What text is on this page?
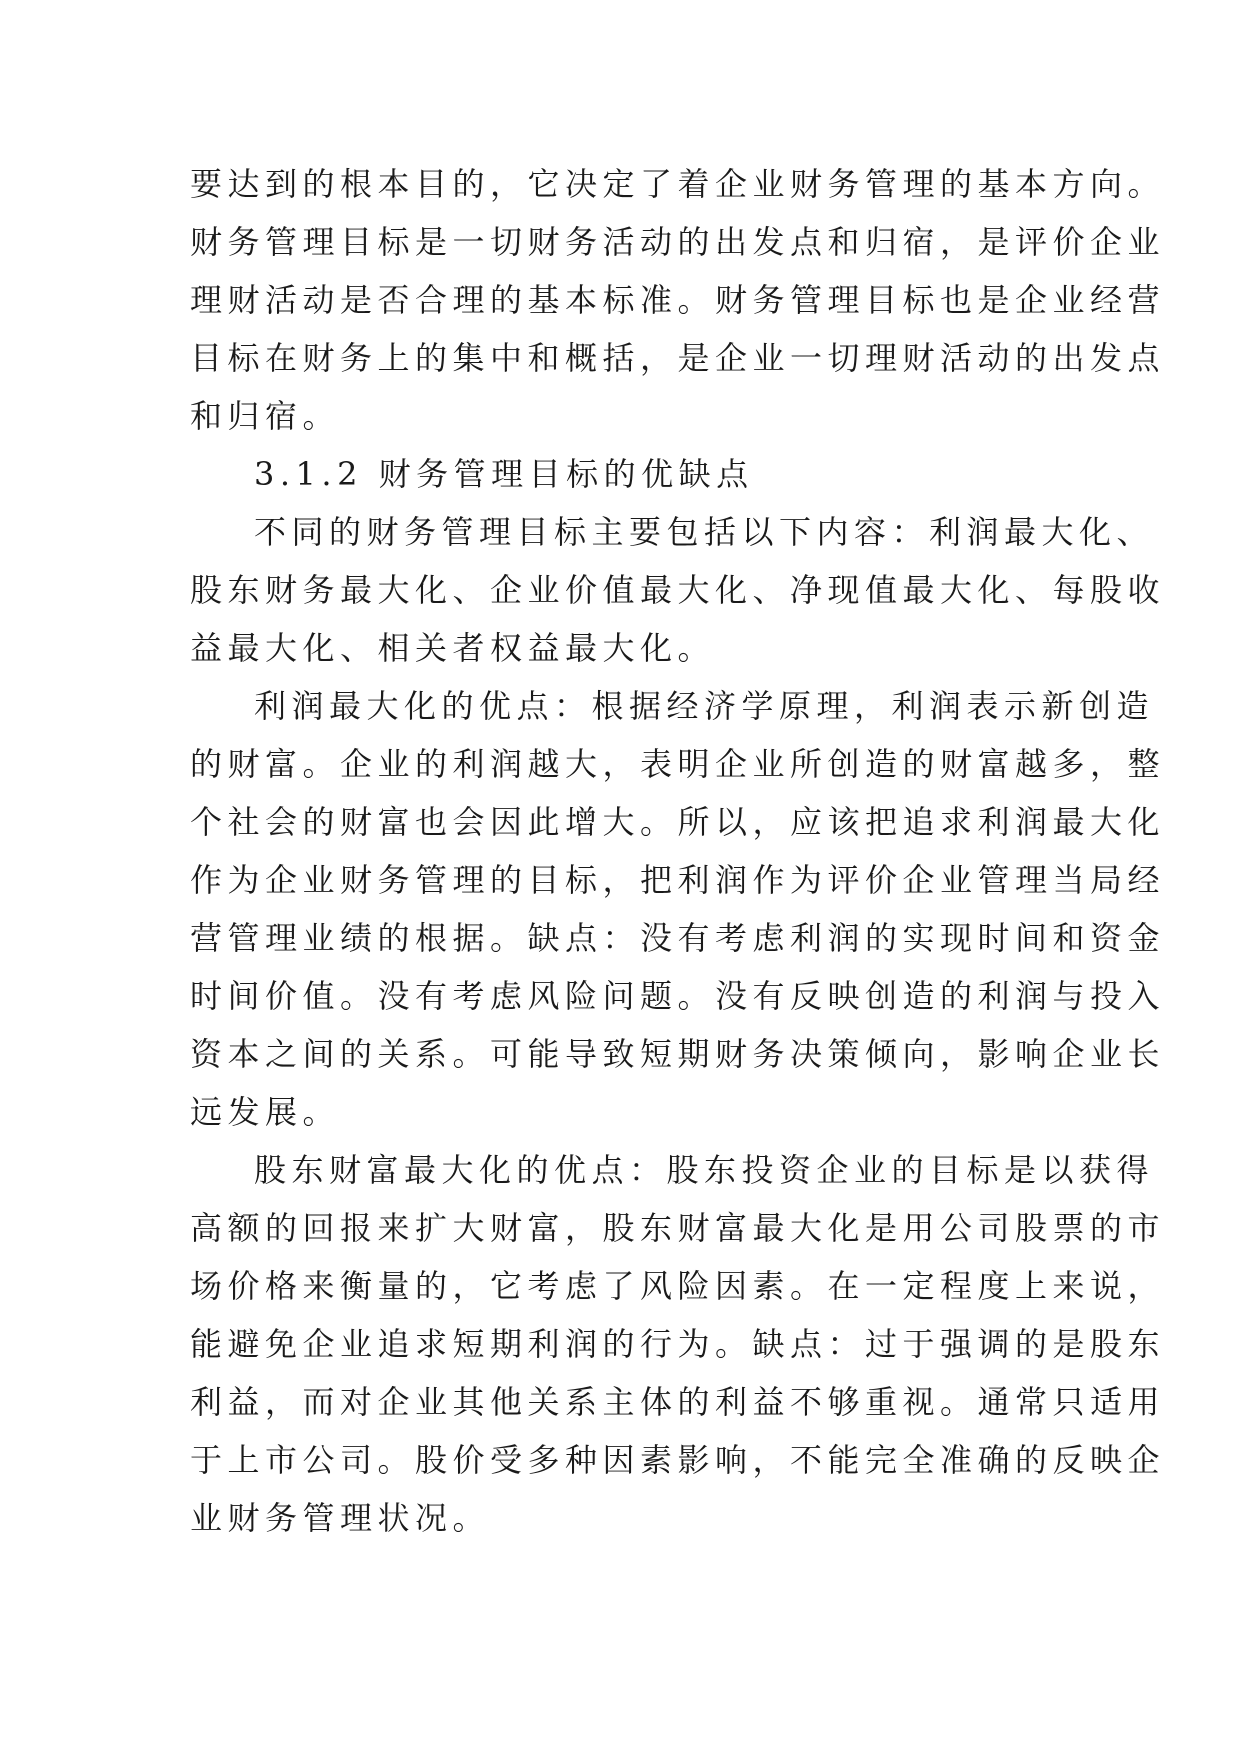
要达到的根本目的，它决定了着企业财务管理的基本方向。
财务管理目标是一切财务活动的出发点和归宿，是评价企业
理财活动是否合理的基本标准。财务管理目标也是企业经营
目标在财务上的集中和概括，是企业一切理财活动的出发点
和归宿。
3.1.2 财务管理目标的优缺点
不同的财务管理目标主要包括以下内容：利润最大化、
股东财务最大化、企业价值最大化、净现值最大化、每股收
益最大化、相关者权益最大化。
利润最大化的优点：根据经济学原理，利润表示新创造
的财富。企业的利润越大，表明企业所创造的财富越多，整
个社会的财富也会因此增大。所以，应该把追求利润最大化
作为企业财务管理的目标，把利润作为评价企业管理当局经
营管理业绩的根据。缺点：没有考虑利润的实现时间和资金
时间价值。没有考虑风险问题。没有反映创造的利润与投入
资本之间的关系。可能导致短期财务决策倾向，影响企业长
远发展。
股东财富最大化的优点：股东投资企业的目标是以获得
高额的回报来扩大财富，股东财富最大化是用公司股票的市
场价格来衡量的，它考虑了风险因素。在一定程度上来说，
能避免企业追求短期利润的行为。缺点：过于强调的是股东
利益，而对企业其他关系主体的利益不够重视。通常只适用
于上市公司。股价受多种因素影响，不能完全准确的反映企
业财务管理状况。
